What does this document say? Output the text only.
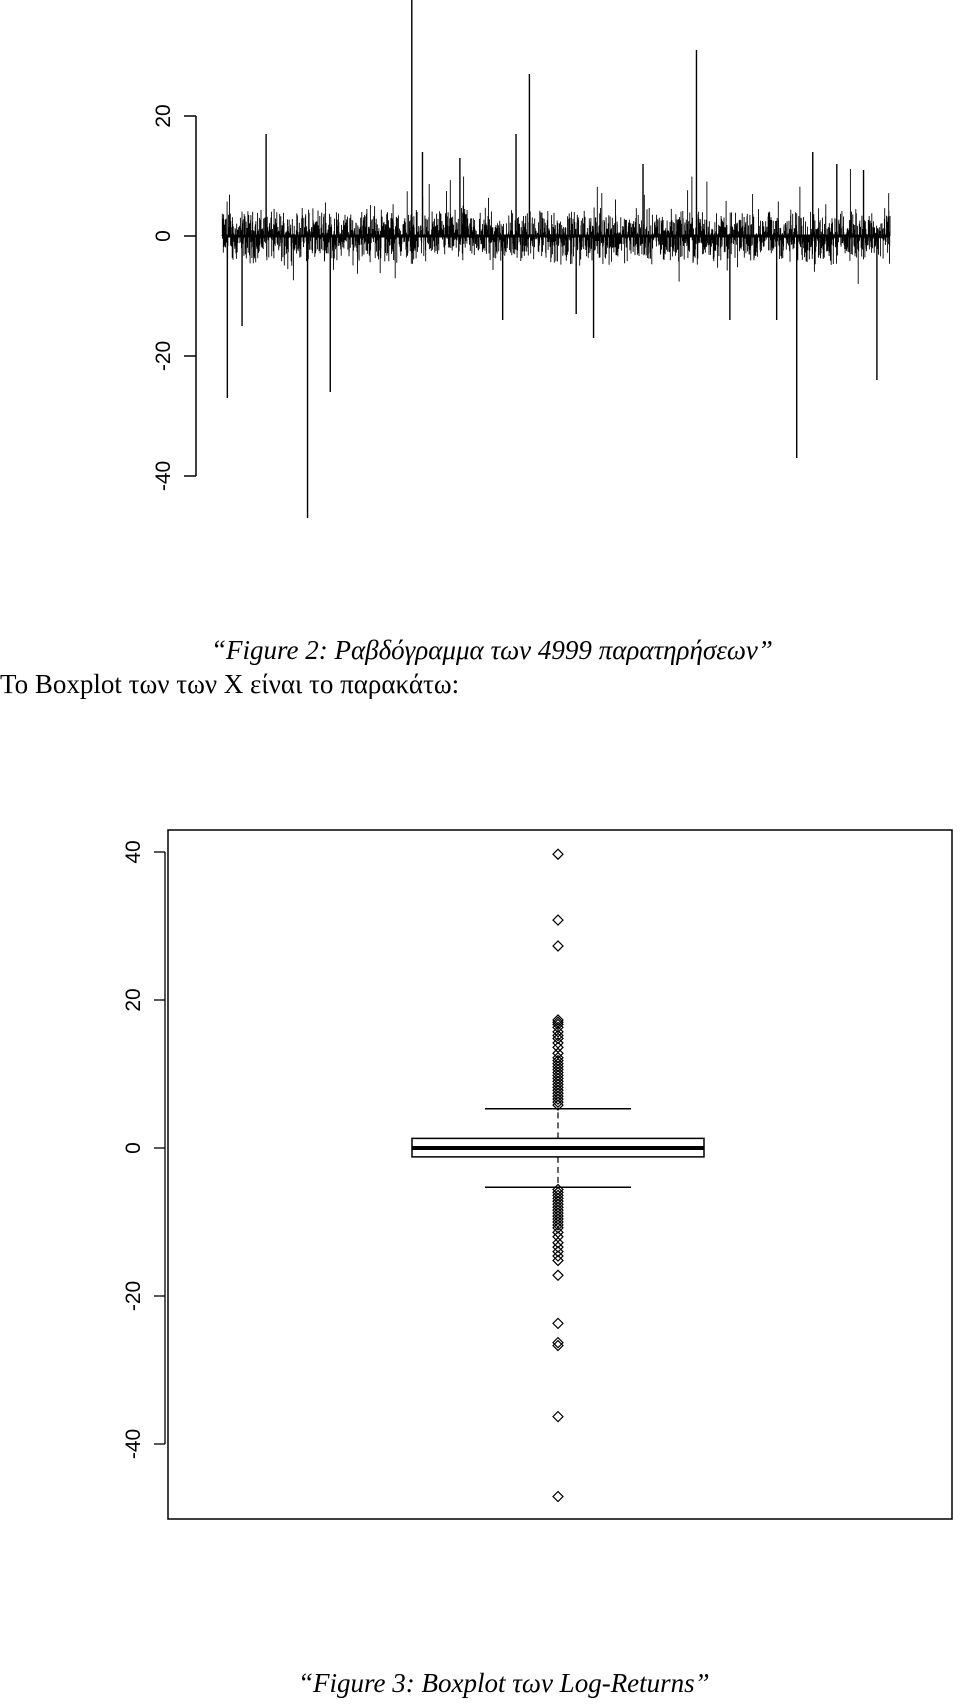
-40
-20
0
20
“Figure 2: Ραβδόγραμμα των 4999 παρατηρήσεων”
Το Boxplot των των X είναι το παρακάτω:
-40
-20
0
20
40
“Figure 3: Boxplot των Log-Returns”
